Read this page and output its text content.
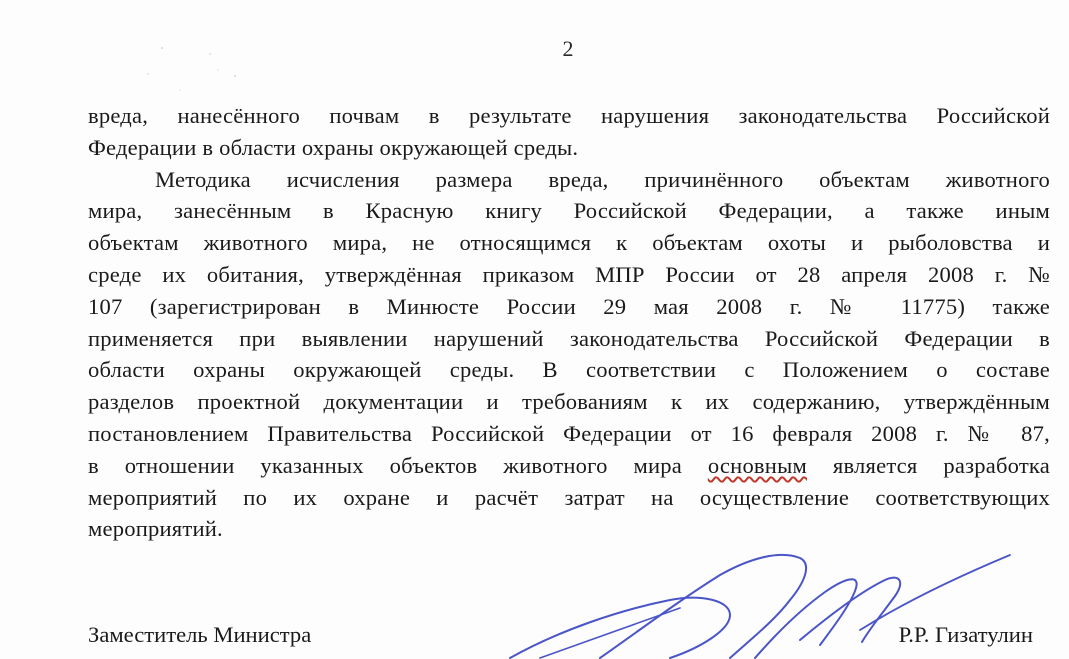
2
вреда, нанесённого почвам в результате нарушения законодательства Российской
Федерации в области охраны окружающей среды.
Методика исчисления размера вреда, причинённого объектам животного
мира, занесённым в Красную книгу Российской Федерации, а также иным
объектам животного мира, не относящимся к объектам охоты и рыболовства и
среде их обитания, утверждённая приказом МПР России от 28 апреля 2008 г. №
107 (зарегистрирован в Минюсте России 29 мая 2008 г. № 11775) также
применяется при выявлении нарушений законодательства Российской Федерации в
области охраны окружающей среды. В соответствии с Положением о составе
разделов проектной документации и требованиям к их содержанию, утверждённым
постановлением Правительства Российской Федерации от 16 февраля 2008 г. № 87,
в отношении указанных объектов животного мира основным является разработка
мероприятий по их охране и расчёт затрат на осуществление соответствующих
мероприятий.
Заместитель Министра	Р.Р. Гизатулин
